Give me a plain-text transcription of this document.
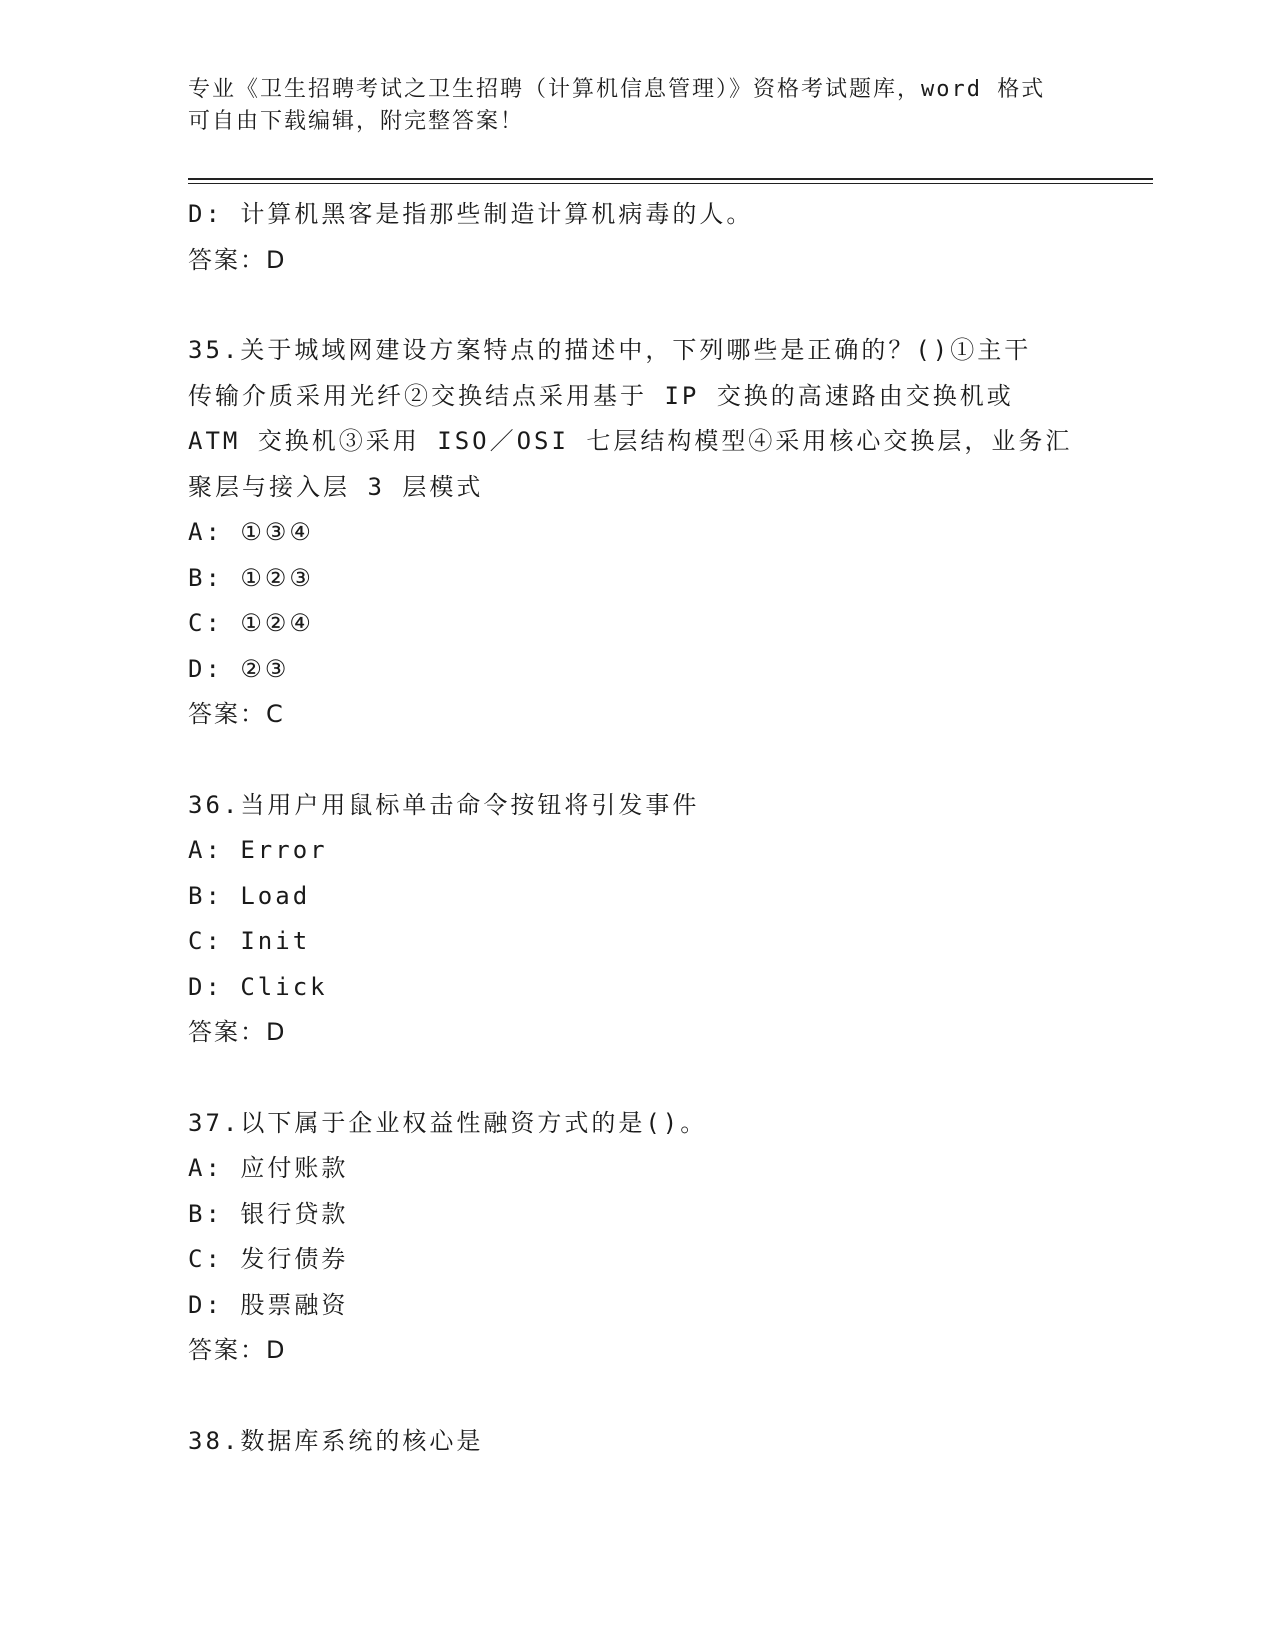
专业《卫生招聘考试之卫生招聘（计算机信息管理）》资格考试题库，word 格式
可自由下载编辑，附完整答案！
D: 计算机黑客是指那些制造计算机病毒的人。
答案：D
35.关于城域网建设方案特点的描述中，下列哪些是正确的？()①主干
传输介质采用光纤②交换结点采用基于 IP 交换的高速路由交换机或
ATM 交换机③采用 ISO／OSI 七层结构模型④采用核心交换层，业务汇
聚层与接入层 3 层模式
A: ①③④
B: ①②③
C: ①②④
D: ②③
答案：C
36.当用户用鼠标单击命令按钮将引发事件
A: Error
B: Load
C: Init
D: Click
答案：D
37.以下属于企业权益性融资方式的是()。
A: 应付账款
B: 银行贷款
C: 发行债券
D: 股票融资
答案：D
38.数据库系统的核心是
